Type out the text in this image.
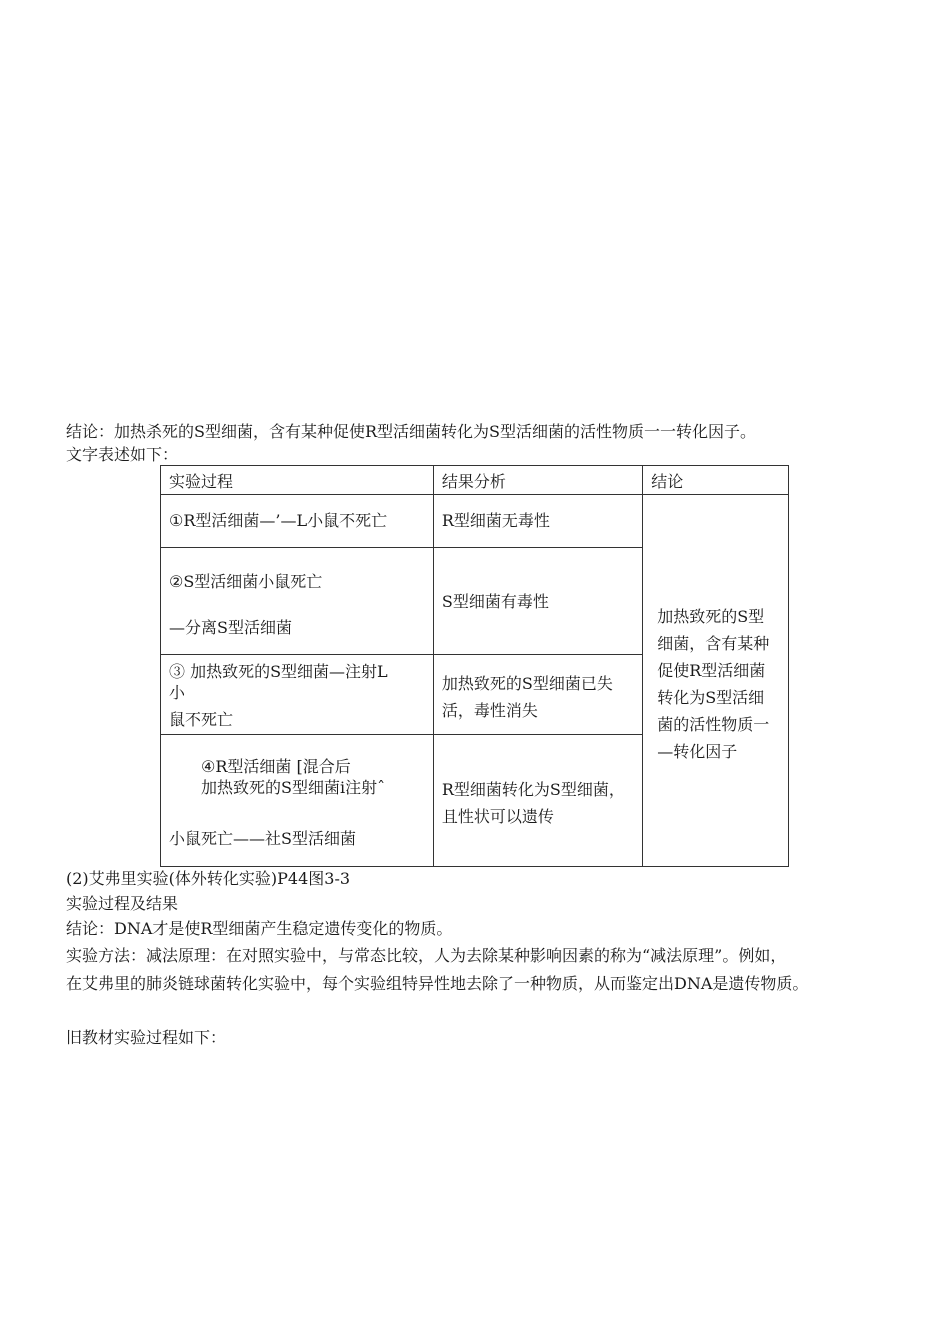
结论：加热杀死的S型细菌，含有某种促使R型活细菌转化为S型活细菌的活性物质一一转化因子。
文字表述如下：
实验过程	结果分析	结论

①R型活细菌—’—L小鼠不死亡	R型细菌无毒性	加热致死的S型细菌，含有某种促使R型活细菌转化为S型活细菌的活性物质一—转化因子

②S型活细菌小鼠死亡
—分离S型活细菌	S型细菌有毒性	

③ 加热致死的S型细菌—注射L
小
鼠不死亡	加热致死的S型细菌已失活，毒性消失	

④R型活细菌 [混合后
加热致死的S型细菌ⅰ注射ˆ
小鼠死亡——社S型活细菌	R型细菌转化为S型细菌，且性状可以遗传	
(2)艾弗里实验(体外转化实验)P44图3-3
实验过程及结果
结论：DNA才是使R型细菌产生稳定遗传变化的物质。
实验方法：减法原理：在对照实验中，与常态比较，人为去除某种影响因素的称为“减法原理”。例如，
在艾弗里的肺炎链球菌转化实验中，每个实验组特异性地去除了一种物质，从而鉴定出DNA是遗传物质。
旧教材实验过程如下：
